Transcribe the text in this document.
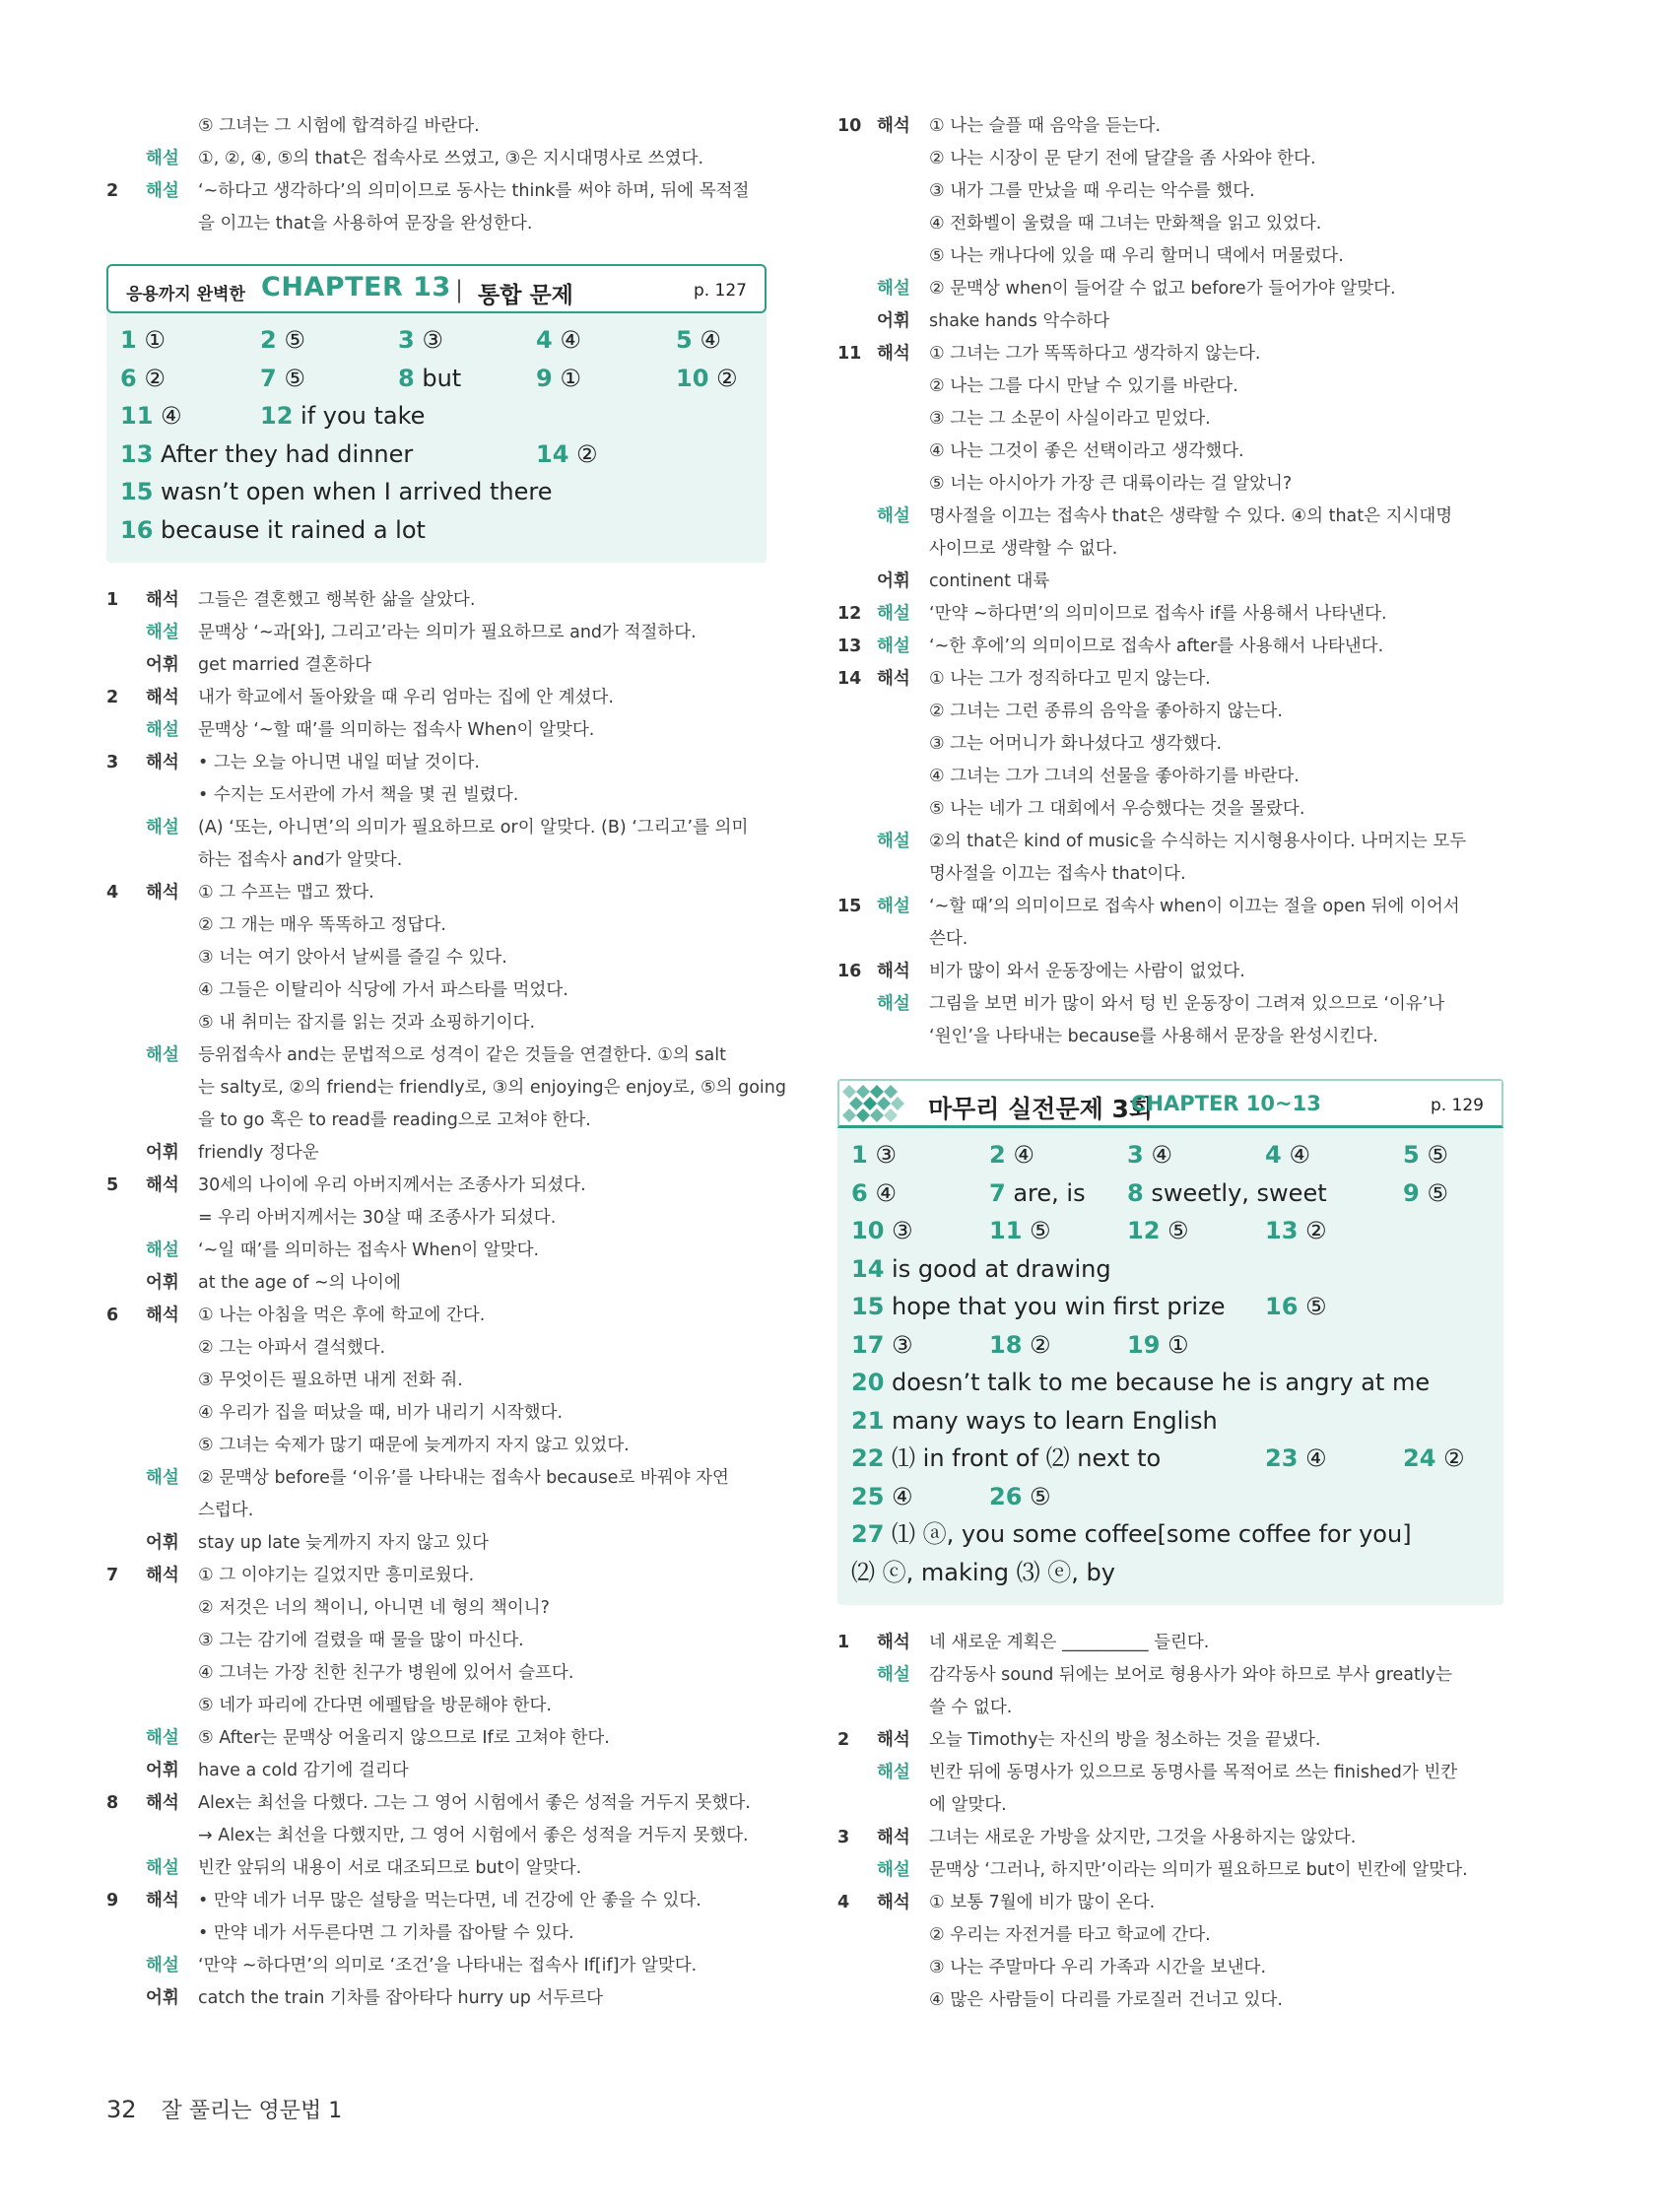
⑤ 그녀는 그 시험에 합격하길 바란다.
해설 ①, ②, ④, ⑤의 that은 접속사로 쓰였고, ③은 지시대명사로 쓰였다.
2 해설 ‘~하다고 생각하다’의 의미이므로 동사는 think를 써야 하며, 뒤에 목적절
을 이끄는 that을 사용하여 문장을 완성한다.
응용까지 완벽한 CHAPTER 13 | 통합 문제	p. 127
1 ①	2 ⑤	3 ③	4 ④	5 ④
6 ②	7 ⑤	8 but	9 ①	10 ②
11 ④	12 if you take
13 After they had dinner	14 ②
15 wasn’t open when I arrived there
16 because it rained a lot
1 해석 그들은 결혼했고 행복한 삶을 살았다.
해설 문맥상 ‘~과[와], 그리고’라는 의미가 필요하므로 and가 적절하다.
어휘 get married 결혼하다
2 해석 내가 학교에서 돌아왔을 때 우리 엄마는 집에 안 계셨다.
해설 문맥상 ‘~할 때’를 의미하는 접속사 When이 알맞다.
3 해석 • 그는 오늘 아니면 내일 떠날 것이다.
• 수지는 도서관에 가서 책을 몇 권 빌렸다.
해설 (A) ‘또는, 아니면’의 의미가 필요하므로 or이 알맞다. (B) ‘그리고’를 의미
하는 접속사 and가 알맞다.
4 해석 ① 그 수프는 맵고 짰다.
② 그 개는 매우 똑똑하고 정답다.
③ 너는 여기 앉아서 날씨를 즐길 수 있다.
④ 그들은 이탈리아 식당에 가서 파스타를 먹었다.
⑤ 내 취미는 잡지를 읽는 것과 쇼핑하기이다.
해설 등위접속사 and는 문법적으로 성격이 같은 것들을 연결한다. ①의 salt
는 salty로, ②의 friend는 friendly로, ③의 enjoying은 enjoy로, ⑤의 going
을 to go 혹은 to read를 reading으로 고쳐야 한다.
어휘 friendly 정다운
5 해석 30세의 나이에 우리 아버지께서는 조종사가 되셨다.
= 우리 아버지께서는 30살 때 조종사가 되셨다.
해설 ‘~일 때’를 의미하는 접속사 When이 알맞다.
어휘 at the age of ~의 나이에
6 해석 ① 나는 아침을 먹은 후에 학교에 간다.
② 그는 아파서 결석했다.
③ 무엇이든 필요하면 내게 전화 줘.
④ 우리가 집을 떠났을 때, 비가 내리기 시작했다.
⑤ 그녀는 숙제가 많기 때문에 늦게까지 자지 않고 있었다.
해설 ② 문맥상 before를 ‘이유’를 나타내는 접속사 because로 바꿔야 자연
스럽다.
어휘 stay up late 늦게까지 자지 않고 있다
7 해석 ① 그 이야기는 길었지만 흥미로웠다.
② 저것은 너의 책이니, 아니면 네 형의 책이니?
③ 그는 감기에 걸렸을 때 물을 많이 마신다.
④ 그녀는 가장 친한 친구가 병원에 있어서 슬프다.
⑤ 네가 파리에 간다면 에펠탑을 방문해야 한다.
해설 ⑤ After는 문맥상 어울리지 않으므로 If로 고쳐야 한다.
어휘 have a cold 감기에 걸리다
8 해석 Alex는 최선을 다했다. 그는 그 영어 시험에서 좋은 성적을 거두지 못했다.
→ Alex는 최선을 다했지만, 그 영어 시험에서 좋은 성적을 거두지 못했다.
해설 빈칸 앞뒤의 내용이 서로 대조되므로 but이 알맞다.
9 해석 • 만약 네가 너무 많은 설탕을 먹는다면, 네 건강에 안 좋을 수 있다.
• 만약 네가 서두른다면 그 기차를 잡아탈 수 있다.
해설 ‘만약 ~하다면’의 의미로 ‘조건’을 나타내는 접속사 If[if]가 알맞다.
어휘 catch the train 기차를 잡아타다 hurry up 서두르다
10 해석 ① 나는 슬플 때 음악을 듣는다.
② 나는 시장이 문 닫기 전에 달걀을 좀 사와야 한다.
③ 내가 그를 만났을 때 우리는 악수를 했다.
④ 전화벨이 울렸을 때 그녀는 만화책을 읽고 있었다.
⑤ 나는 캐나다에 있을 때 우리 할머니 댁에서 머물렀다.
해설 ② 문맥상 when이 들어갈 수 없고 before가 들어가야 알맞다.
어휘 shake hands 악수하다
11 해석 ① 그녀는 그가 똑똑하다고 생각하지 않는다.
② 나는 그를 다시 만날 수 있기를 바란다.
③ 그는 그 소문이 사실이라고 믿었다.
④ 나는 그것이 좋은 선택이라고 생각했다.
⑤ 너는 아시아가 가장 큰 대륙이라는 걸 알았니?
해설 명사절을 이끄는 접속사 that은 생략할 수 있다. ④의 that은 지시대명
사이므로 생략할 수 없다.
어휘 continent 대륙
12 해설 ‘만약 ~하다면’의 의미이므로 접속사 if를 사용해서 나타낸다.
13 해설 ‘~한 후에’의 의미이므로 접속사 after를 사용해서 나타낸다.
14 해석 ① 나는 그가 정직하다고 믿지 않는다.
② 그녀는 그런 종류의 음악을 좋아하지 않는다.
③ 그는 어머니가 화나셨다고 생각했다.
④ 그녀는 그가 그녀의 선물을 좋아하기를 바란다.
⑤ 나는 네가 그 대회에서 우승했다는 것을 몰랐다.
해설 ②의 that은 kind of music을 수식하는 지시형용사이다. 나머지는 모두
명사절을 이끄는 접속사 that이다.
15 해설 ‘~할 때’의 의미이므로 접속사 when이 이끄는 절을 open 뒤에 이어서
쓴다.
16 해석 비가 많이 와서 운동장에는 사람이 없었다.
해설 그림을 보면 비가 많이 와서 텅 빈 운동장이 그려져 있으므로 ‘이유’나
‘원인’을 나타내는 because를 사용해서 문장을 완성시킨다.
마무리 실전문제 3회
CHAPTER 10~13	p. 129
1 ③	2 ④	3 ④	4 ④	5 ⑤
6 ④	7 are, is 8 sweetly, sweet	9 ⑤
10 ③	11 ⑤	12 ⑤	13 ②
14 is good at drawing
15 hope that you win first prize 16 ⑤
17 ③	18 ②	19 ①
20 doesn’t talk to me because he is angry at me
21 many ways to learn English
22 ⑴ in front of ⑵ next to	23 ④	24 ②
25 ④	26 ⑤
27 ⑴ ⓐ, you some coffee[some coffee for you]
⑵ ⓒ, making ⑶ ⓔ, by
1 해석 네 새로운 계획은 __________ 들린다.
해설 감각동사 sound 뒤에는 보어로 형용사가 와야 하므로 부사 greatly는
쓸 수 없다.
2 해석 오늘 Timothy는 자신의 방을 청소하는 것을 끝냈다.
해설 빈칸 뒤에 동명사가 있으므로 동명사를 목적어로 쓰는 finished가 빈칸
에 알맞다.
3 해석 그녀는 새로운 가방을 샀지만, 그것을 사용하지는 않았다.
해설 문맥상 ‘그러나, 하지만’이라는 의미가 필요하므로 but이 빈칸에 알맞다.
4 해석 ① 보통 7월에 비가 많이 온다.
② 우리는 자전거를 타고 학교에 간다.
③ 나는 주말마다 우리 가족과 시간을 보낸다.
④ 많은 사람들이 다리를 가로질러 건너고 있다.
32 잘 풀리는 영문법 1
